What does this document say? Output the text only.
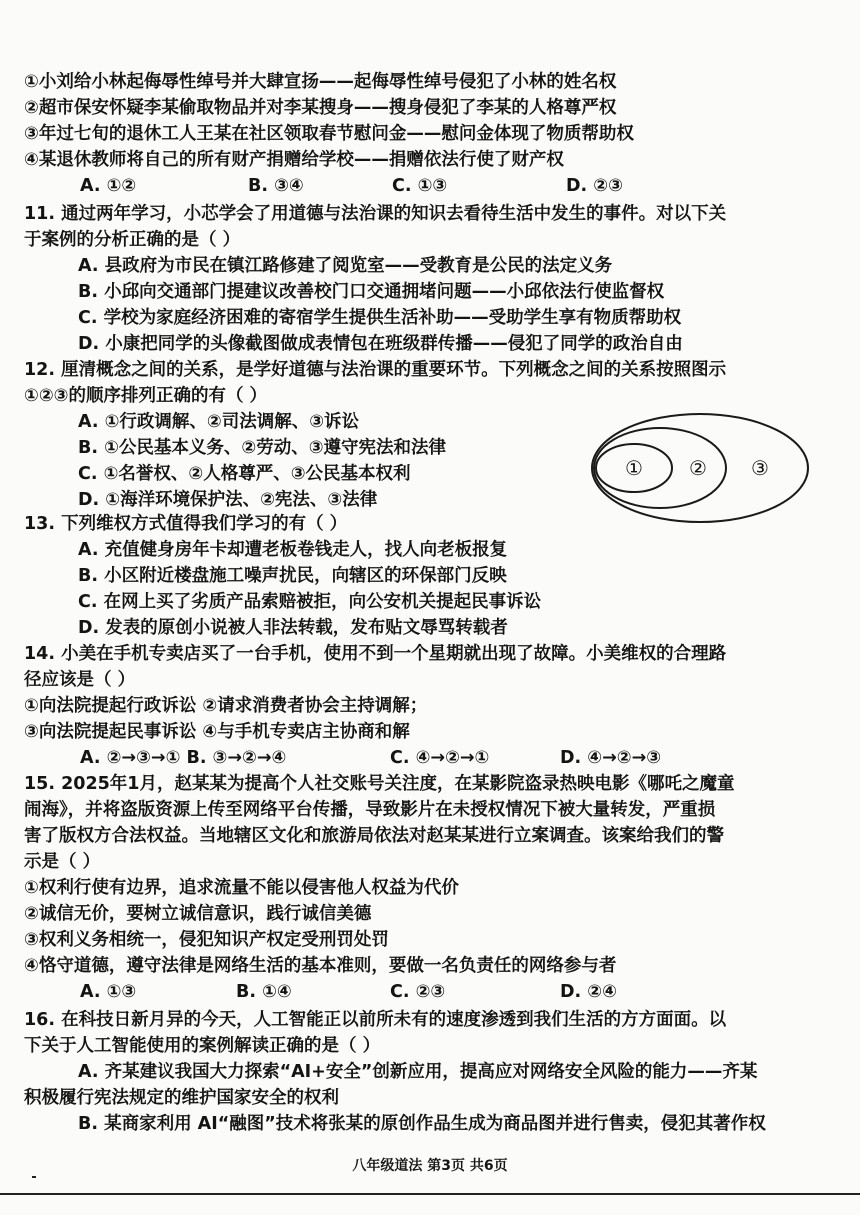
①小刘给小林起侮辱性绰号并大肆宣扬——起侮辱性绰号侵犯了小林的姓名权
②超市保安怀疑李某偷取物品并对李某搜身——搜身侵犯了李某的人格尊严权
③年过七旬的退休工人王某在社区领取春节慰问金——慰问金体现了物质帮助权
④某退休教师将自己的所有财产捐赠给学校——捐赠依法行使了财产权
A. ①②	B. ③④	C. ①③	D. ②③
11. 通过两年学习，小芯学会了用道德与法治课的知识去看待生活中发生的事件。对以下关
于案例的分析正确的是（ ）
A. 县政府为市民在镇江路修建了阅览室——受教育是公民的法定义务
B. 小邱向交通部门提建议改善校门口交通拥堵问题——小邱依法行使监督权
C. 学校为家庭经济困难的寄宿学生提供生活补助——受助学生享有物质帮助权
D. 小康把同学的头像截图做成表情包在班级群传播——侵犯了同学的政治自由
12. 厘清概念之间的关系，是学好道德与法治课的重要环节。下列概念之间的关系按照图示
①②③的顺序排列正确的有（ ）
A. ①行政调解、②司法调解、③诉讼
B. ①公民基本义务、②劳动、③遵守宪法和法律
C. ①名誉权、②人格尊严、③公民基本权利
D. ①海洋环境保护法、②宪法、③法律
① ② ③
13. 下列维权方式值得我们学习的有（ ）
A. 充值健身房年卡却遭老板卷钱走人，找人向老板报复
B. 小区附近楼盘施工噪声扰民，向辖区的环保部门反映
C. 在网上买了劣质产品索赔被拒，向公安机关提起民事诉讼
D. 发表的原创小说被人非法转载，发布贴文辱骂转载者
14. 小美在手机专卖店买了一台手机，使用不到一个星期就出现了故障。小美维权的合理路
径应该是（ ）
①向法院提起行政诉讼 ②请求消费者协会主持调解；
③向法院提起民事诉讼 ④与手机专卖店主协商和解
A. ②→③→① B. ③→②→④	C. ④→②→①	D. ④→②→③
15. 2025年1月，赵某某为提高个人社交账号关注度，在某影院盗录热映电影《哪吒之魔童
闹海》，并将盗版资源上传至网络平台传播，导致影片在未授权情况下被大量转发，严重损
害了版权方合法权益。当地辖区文化和旅游局依法对赵某某进行立案调查。该案给我们的警
示是（ ）
①权利行使有边界，追求流量不能以侵害他人权益为代价
②诚信无价，要树立诚信意识，践行诚信美德
③权利义务相统一，侵犯知识产权定受刑罚处罚
④恪守道德，遵守法律是网络生活的基本准则，要做一名负责任的网络参与者
A. ①③	B. ①④	C. ②③	D. ②④
16. 在科技日新月异的今天，人工智能正以前所未有的速度渗透到我们生活的方方面面。以
下关于人工智能使用的案例解读正确的是（ ）
A. 齐某建议我国大力探索“AI+安全”创新应用，提高应对网络安全风险的能力——齐某
积极履行宪法规定的维护国家安全的权利
B. 某商家利用 AI“融图”技术将张某的原创作品生成为商品图并进行售卖，侵犯其著作权
八年级道法 第3页 共6页
